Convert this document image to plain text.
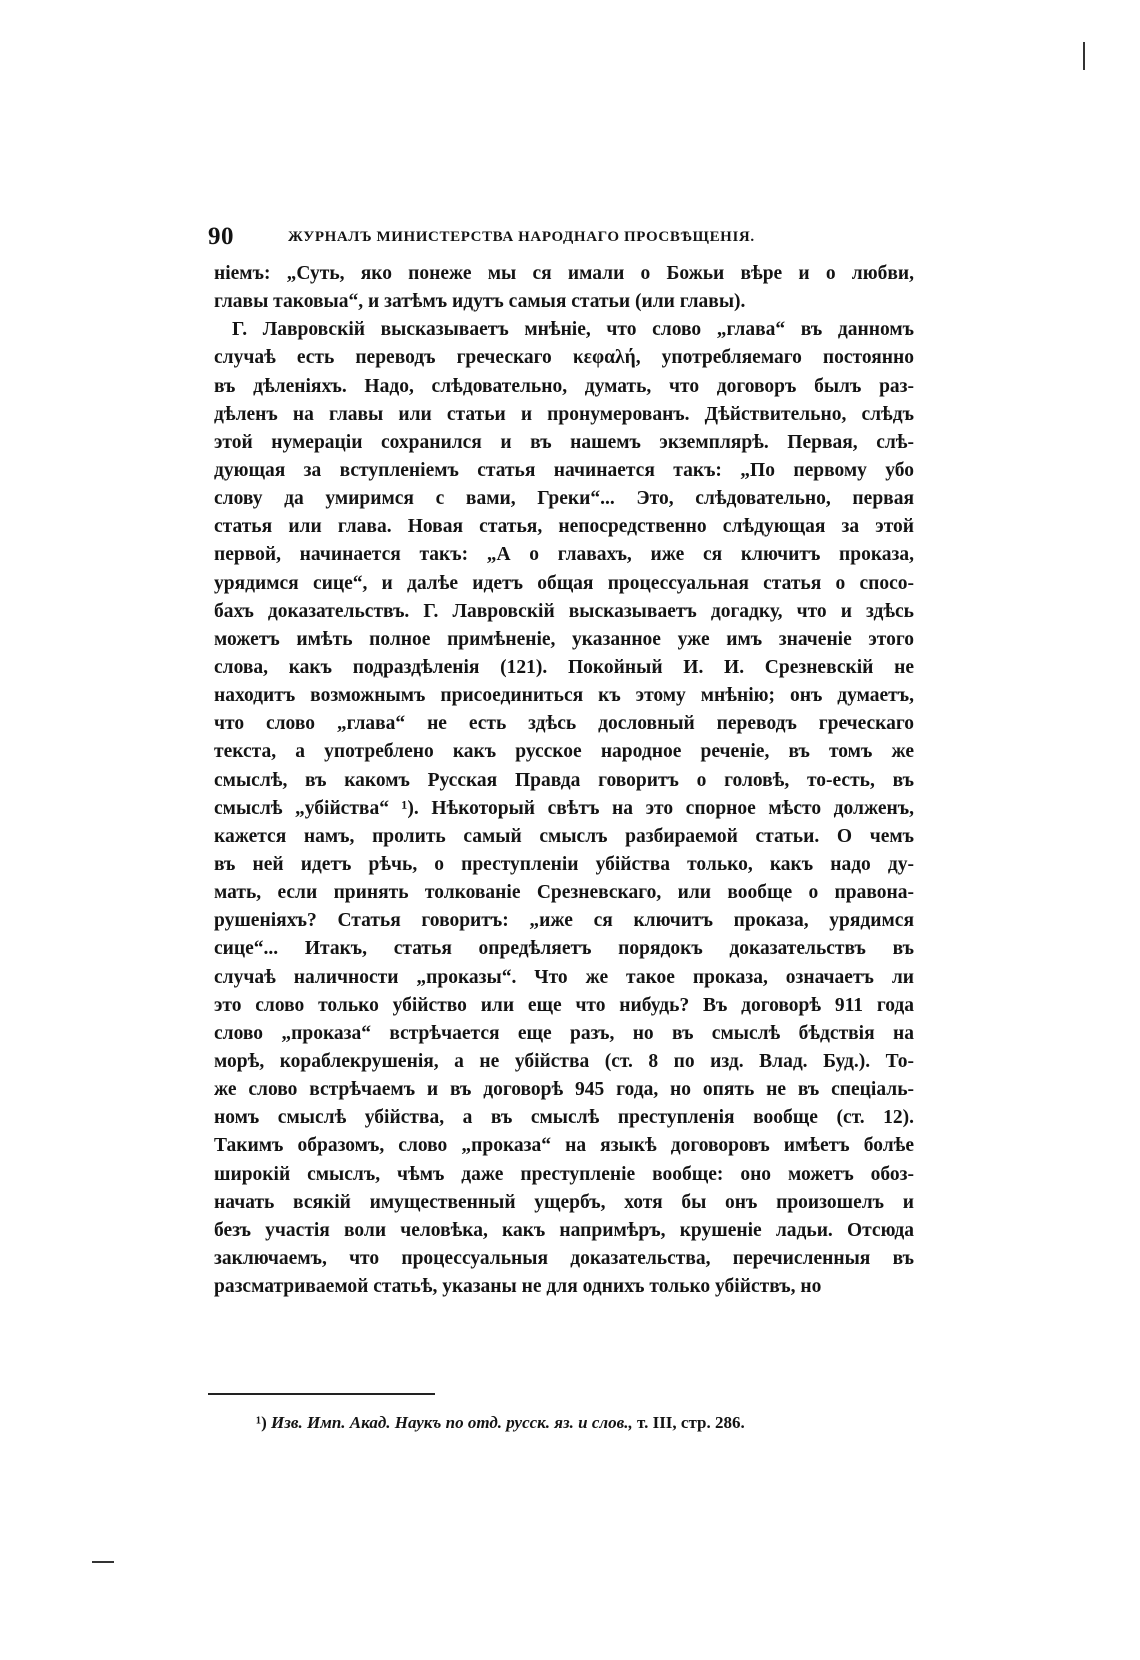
90	ЖУРНАЛЪ МИНИСТЕРСТВА НАРОДНАГО ПРОСВѢЩЕНІЯ.
ніемъ: „Суть, яко понеже мы ся имали о Божьи вѣре и о любви,
главы таковыа“, и затѣмъ идутъ самыя статьи (или главы).
Г. Лавровскій высказываетъ мнѣніе, что слово „глава“ въ данномъ
случаѣ есть переводъ греческаго κεφαλή, употребляемаго постоянно
въ дѣленіяхъ. Надо, слѣдовательно, думать, что договоръ былъ раз-
дѣленъ на главы или статьи и пронумерованъ. Дѣйствительно, слѣдъ
этой нумераціи сохранился и въ нашемъ экземплярѣ. Первая, слѣ-
дующая за вступленіемъ статья начинается такъ: „По первому убо
слову да умиримся с вами, Греки“... Это, слѣдовательно, первая
статья или глава. Новая статья, непосредственно слѣдующая за этой
первой, начинается такъ: „А о главахъ, иже ся ключитъ проказа,
урядимся сице“, и далѣе идетъ общая процессуальная статья о спосо-
бахъ доказательствъ. Г. Лавровскій высказываетъ догадку, что и здѣсь
можетъ имѣть полное примѣненіе, указанное уже имъ значеніе этого
слова, какъ подраздѣленія (121). Покойный И. И. Срезневскій не
находитъ возможнымъ присоединиться къ этому мнѣнію; онъ думаетъ,
что слово „глава“ не есть здѣсь дословный переводъ греческаго
текста, а употреблено какъ русское народное реченіе, въ томъ же
смыслѣ, въ какомъ Русская Правда говоритъ о головѣ, то-есть, въ
смыслѣ „убійства“ ¹). Нѣкоторый свѣтъ на это спорное мѣсто долженъ,
кажется намъ, пролить самый смыслъ разбираемой статьи. О чемъ
въ ней идетъ рѣчь, о преступленіи убійства только, какъ надо ду-
мать, если принять толкованіе Срезневскаго, или вообще о правона-
рушеніяхъ? Статья говоритъ: „иже ся ключитъ проказа, урядимся
сице“... Итакъ, статья опредѣляетъ порядокъ доказательствъ въ
случаѣ наличности „проказы“. Что же такое проказа, означаетъ ли
это слово только убійство или еще что нибудь? Въ договорѣ 911 года
слово „проказа“ встрѣчается еще разъ, но въ смыслѣ бѣдствія на
морѣ, кораблекрушенія, а не убійства (ст. 8 по изд. Влад. Буд.). То-
же слово встрѣчаемъ и въ договорѣ 945 года, но опять не въ спеціаль-
номъ смыслѣ убійства, а въ смыслѣ преступленія вообще (ст. 12).
Такимъ образомъ, слово „проказа“ на языкѣ договоровъ имѣетъ болѣе
широкій смыслъ, чѣмъ даже преступленіе вообще: оно можетъ обоз-
начать всякій имущественный ущербъ, хотя бы онъ произошелъ и
безъ участія воли человѣка, какъ напримѣръ, крушеніе ладьи. Отсюда
заключаемъ, что процессуальныя доказательства, перечисленныя въ
разсматриваемой статьѣ, указаны не для однихъ только убійствъ, но
¹) Изв. Имп. Акад. Наукъ по отд. русск. яз. и слов., т. III, стр. 286.
